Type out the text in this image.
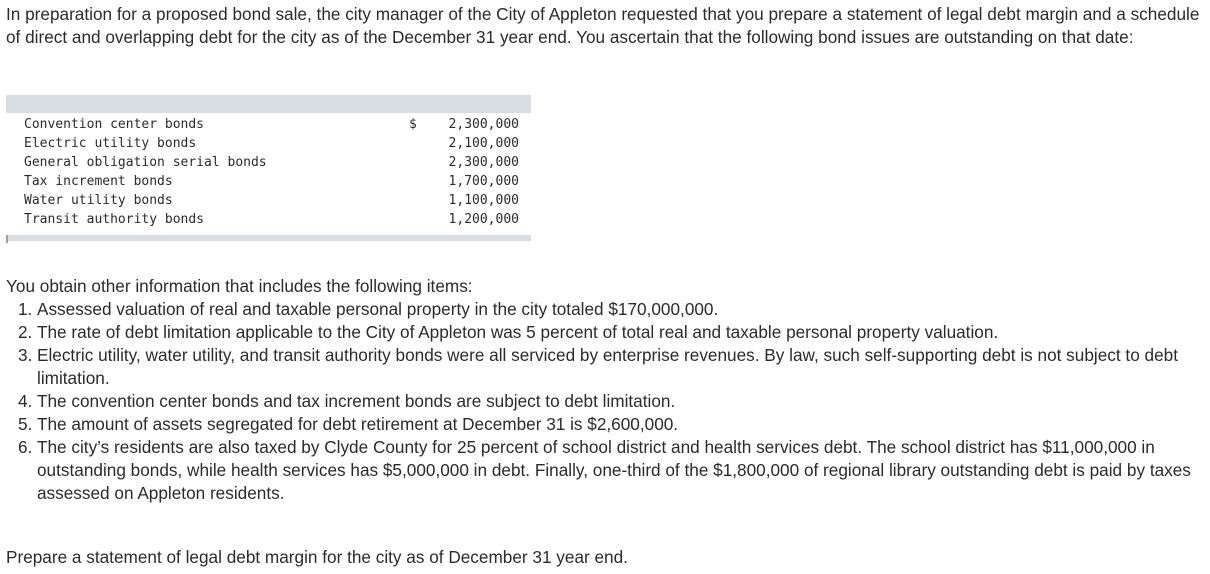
In preparation for a proposed bond sale, the city manager of the City of Appleton requested that you prepare a statement of legal debt margin and a schedule of direct and overlapping debt for the city as of the December 31 year end. You ascertain that the following bond issues are outstanding on that date:

Convention center bonds	$ 2,300,000
Electric utility bonds	2,100,000
General obligation serial bonds	2,300,000
Tax increment bonds	1,700,000
Water utility bonds	1,100,000
Transit authority bonds	1,200,000

You obtain other information that includes the following items:

1. Assessed valuation of real and taxable personal property in the city totaled $170,000,000.
2. The rate of debt limitation applicable to the City of Appleton was 5 percent of total real and taxable personal property valuation.
3. Electric utility, water utility, and transit authority bonds were all serviced by enterprise revenues. By law, such self-supporting debt is not subject to debt limitation.
4. The convention center bonds and tax increment bonds are subject to debt limitation.
5. The amount of assets segregated for debt retirement at December 31 is $2,600,000.
6. The city’s residents are also taxed by Clyde County for 25 percent of school district and health services debt. The school district has $11,000,000 in outstanding bonds, while health services has $5,000,000 in debt. Finally, one-third of the $1,800,000 of regional library outstanding debt is paid by taxes assessed on Appleton residents.

Prepare a statement of legal debt margin for the city as of December 31 year end.
